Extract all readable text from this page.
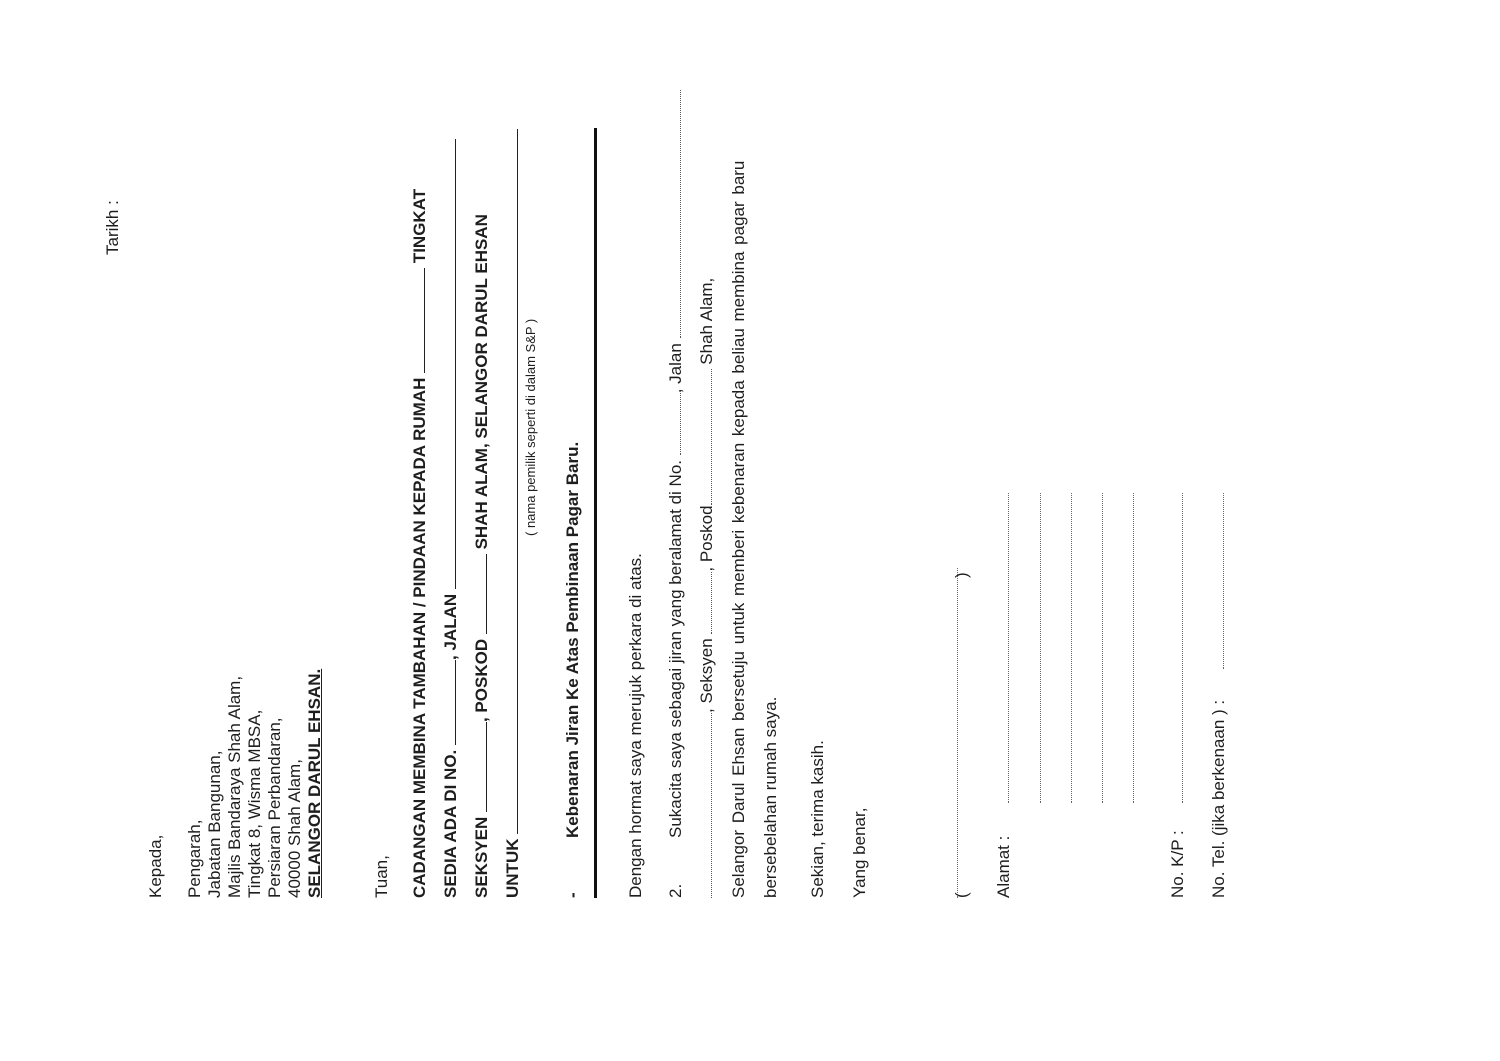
Tarikh :
Kepada, Pengarah, Jabatan Bangunan, Majlis Bandaraya Shah Alam, Tingkat 8, Wisma MBSA, Persiaran Perbandaran, 40000 Shah Alam, SELANGOR DARUL EHSAN.	Tuan, CADANGAN MEMBINA TAMBAHAN / PINDAAN KEPADA RUMAH  TINGKAT
SEDIA ADA DI NO. , JALAN
SEKSYEN , POSKOD  SHAH ALAM, SELANGOR DARUL EHSAN
UNTUK
( nama pemilik seperti di dalam S&P )
-
Kebenaran Jiran Ke Atas Pembinaan Pagar Baru.	Dengan hormat saya merujuk perkara di atas. 2.
Sukacita saya sebagai jiran yang beralamat di No. , Jalan
, Seksyen , Poskod Shah Alam, Selangor Darul Ehsan bersetuju untuk memberi kebenaran kepada beliau membina pagar baru bersebelahan rumah saya. Sekian, terima kasih. Yang benar,	(
)
Alamat :	No. K/P : No. Tel. (jika berkenaan ) :
